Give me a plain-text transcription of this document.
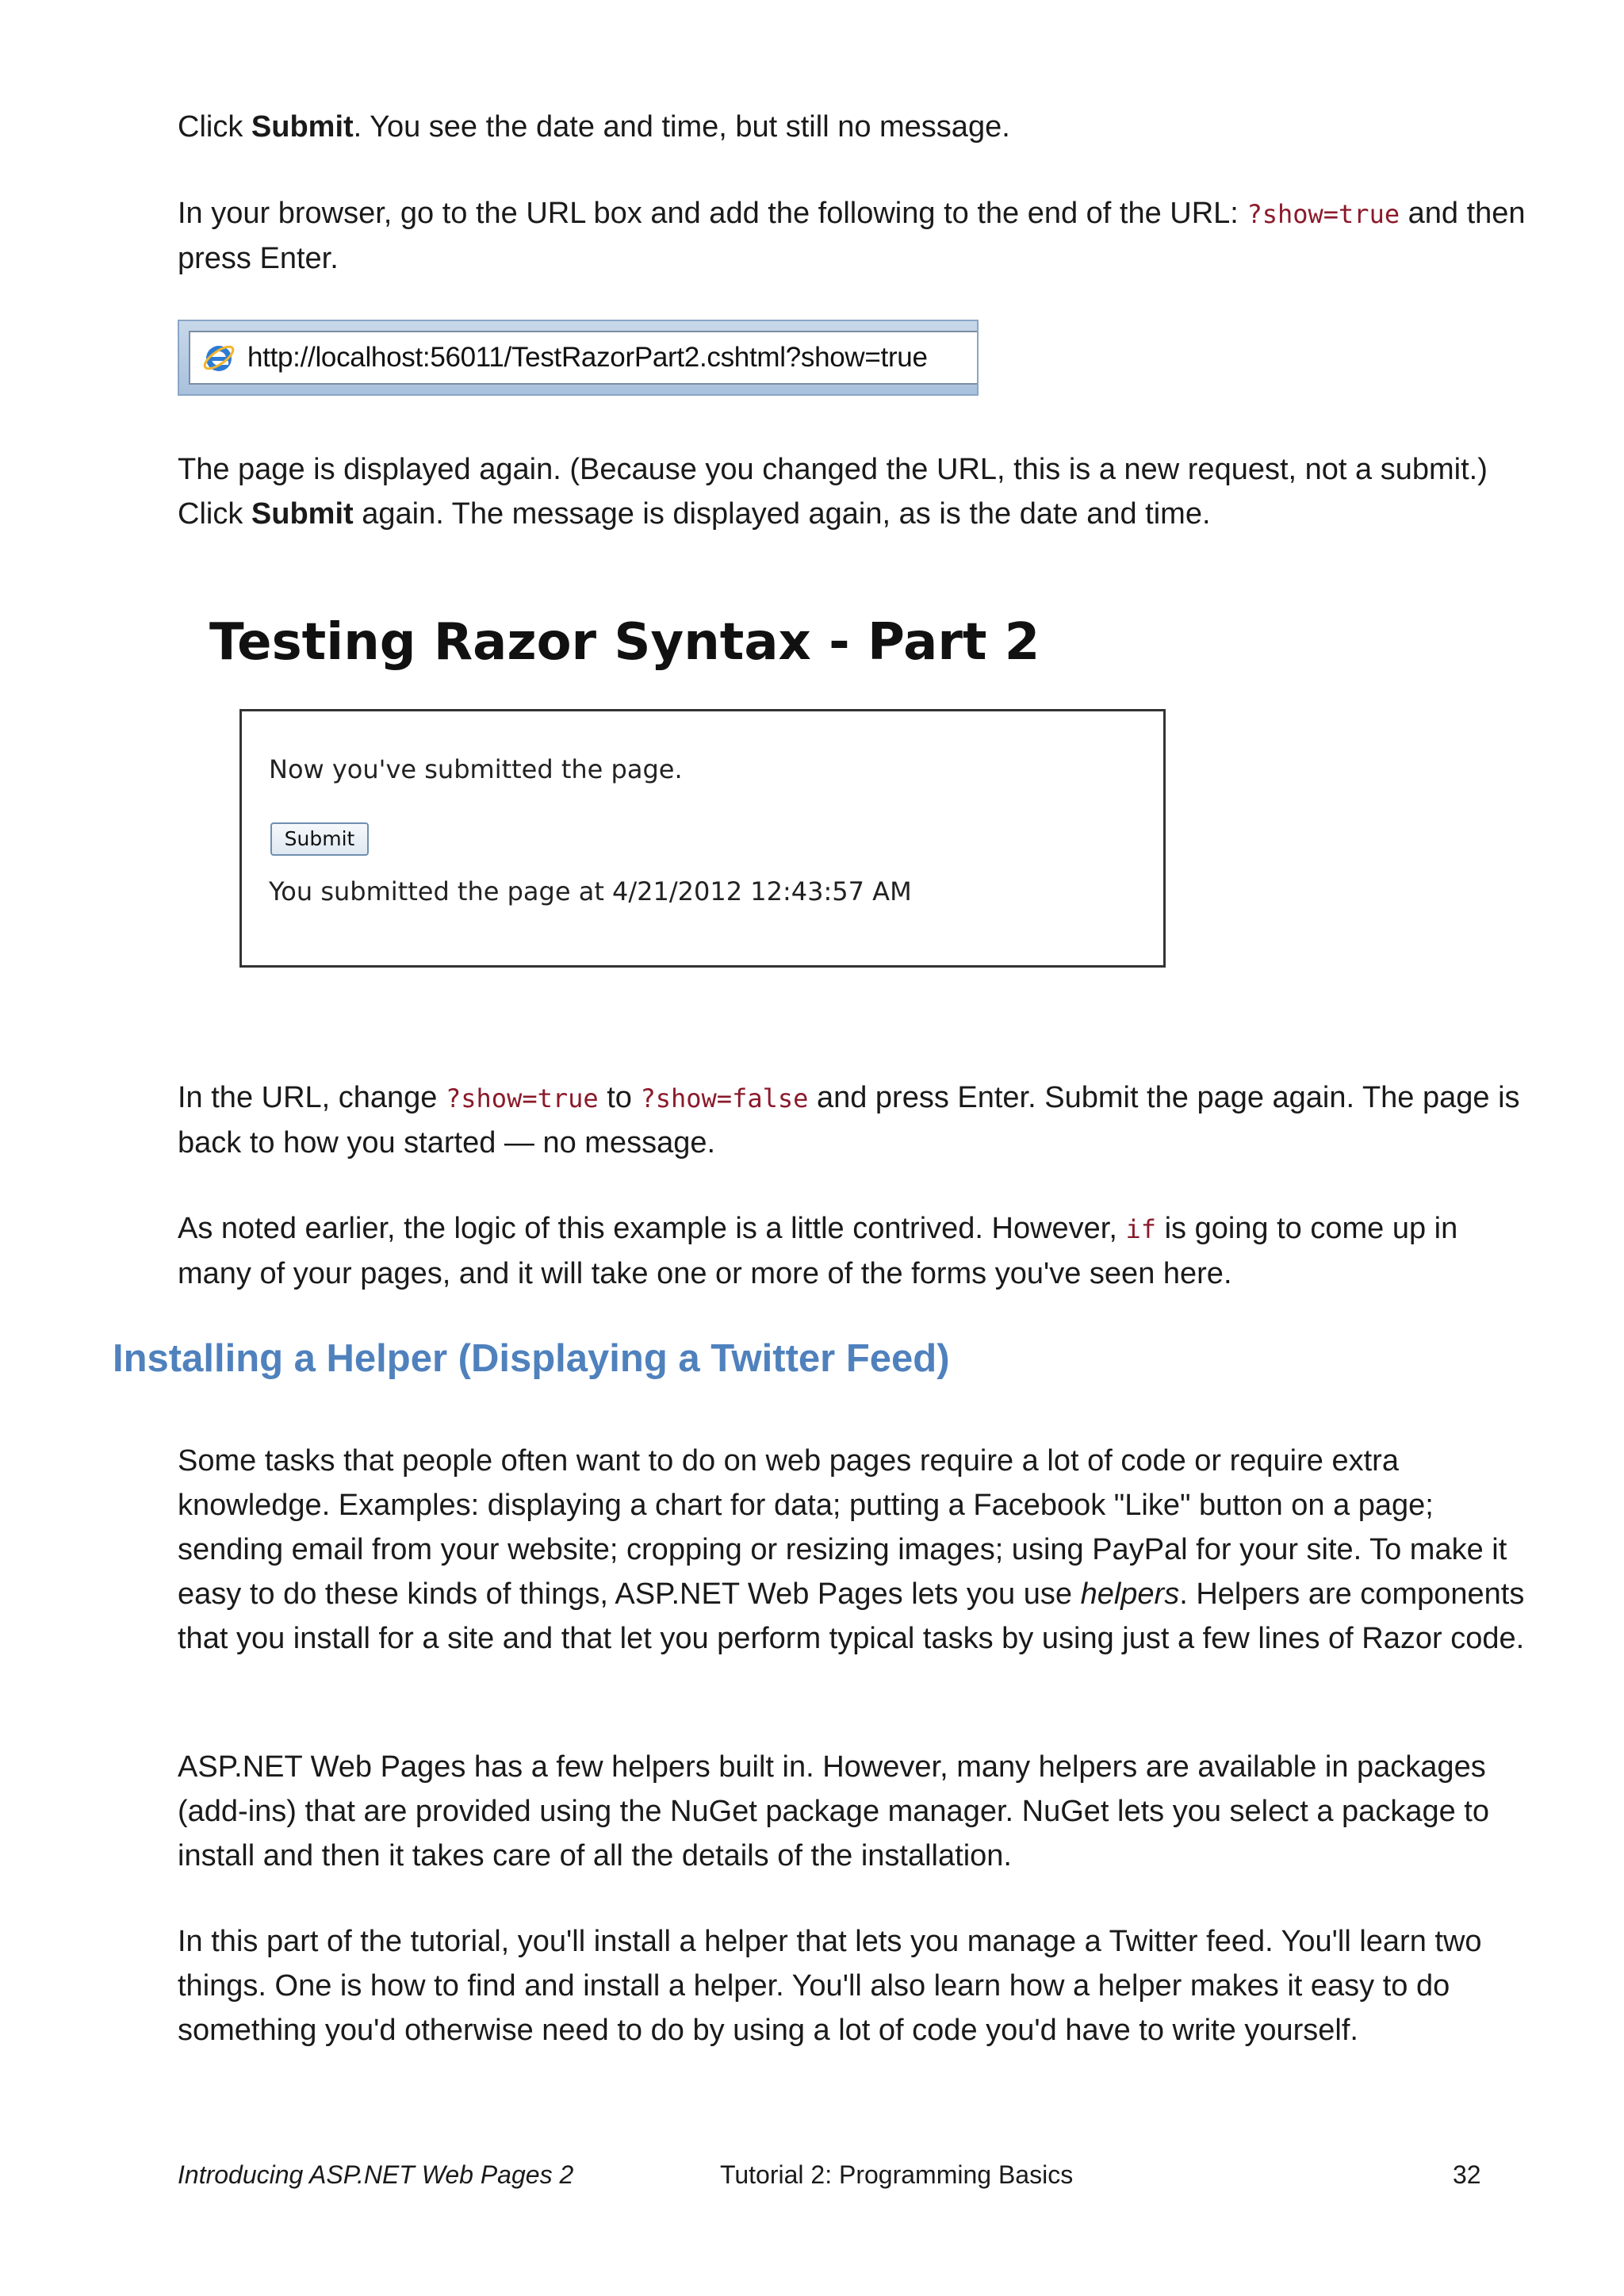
Click Submit. You see the date and time, but still no message.

In your browser, go to the URL box and add the following to the end of the URL: ?show=true and then press Enter.

http://localhost:56011/TestRazorPart2.cshtml?show=true

The page is displayed again. (Because you changed the URL, this is a new request, not a submit.) Click Submit again. The message is displayed again, as is the date and time.

Testing Razor Syntax - Part 2
Now you've submitted the page.
Submit
You submitted the page at 4/21/2012 12:43:57 AM

In the URL, change ?show=true to ?show=false and press Enter. Submit the page again. The page is back to how you started — no message.

As noted earlier, the logic of this example is a little contrived. However, if is going to come up in many of your pages, and it will take one or more of the forms you've seen here.

Installing a Helper (Displaying a Twitter Feed)

Some tasks that people often want to do on web pages require a lot of code or require extra knowledge. Examples: displaying a chart for data; putting a Facebook "Like" button on a page; sending email from your website; cropping or resizing images; using PayPal for your site. To make it easy to do these kinds of things, ASP.NET Web Pages lets you use helpers. Helpers are components that you install for a site and that let you perform typical tasks by using just a few lines of Razor code.

ASP.NET Web Pages has a few helpers built in. However, many helpers are available in packages (add-ins) that are provided using the NuGet package manager. NuGet lets you select a package to install and then it takes care of all the details of the installation.

In this part of the tutorial, you'll install a helper that lets you manage a Twitter feed. You'll learn two things. One is how to find and install a helper. You'll also learn how a helper makes it easy to do something you'd otherwise need to do by using a lot of code you'd have to write yourself.

Introducing ASP.NET Web Pages 2	Tutorial 2: Programming Basics	32
